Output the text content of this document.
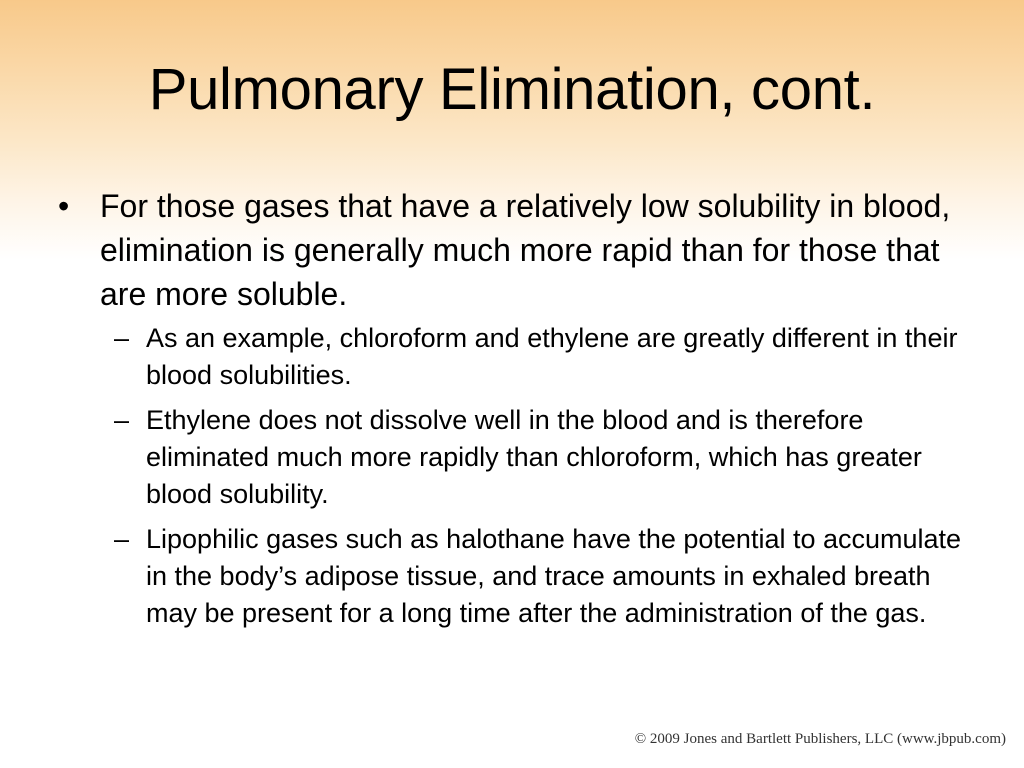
Pulmonary Elimination, cont.
• For those gases that have a relatively low solubility in blood, elimination is generally much more rapid than for those that are more soluble.
– As an example, chloroform and ethylene are greatly different in their blood solubilities.
– Ethylene does not dissolve well in the blood and is therefore eliminated much more rapidly than chloroform, which has greater blood solubility.
– Lipophilic gases such as halothane have the potential to accumulate in the body’s adipose tissue, and trace amounts in exhaled breath may be present for a long time after the administration of the gas.
© 2009 Jones and Bartlett Publishers, LLC (www.jbpub.com)
